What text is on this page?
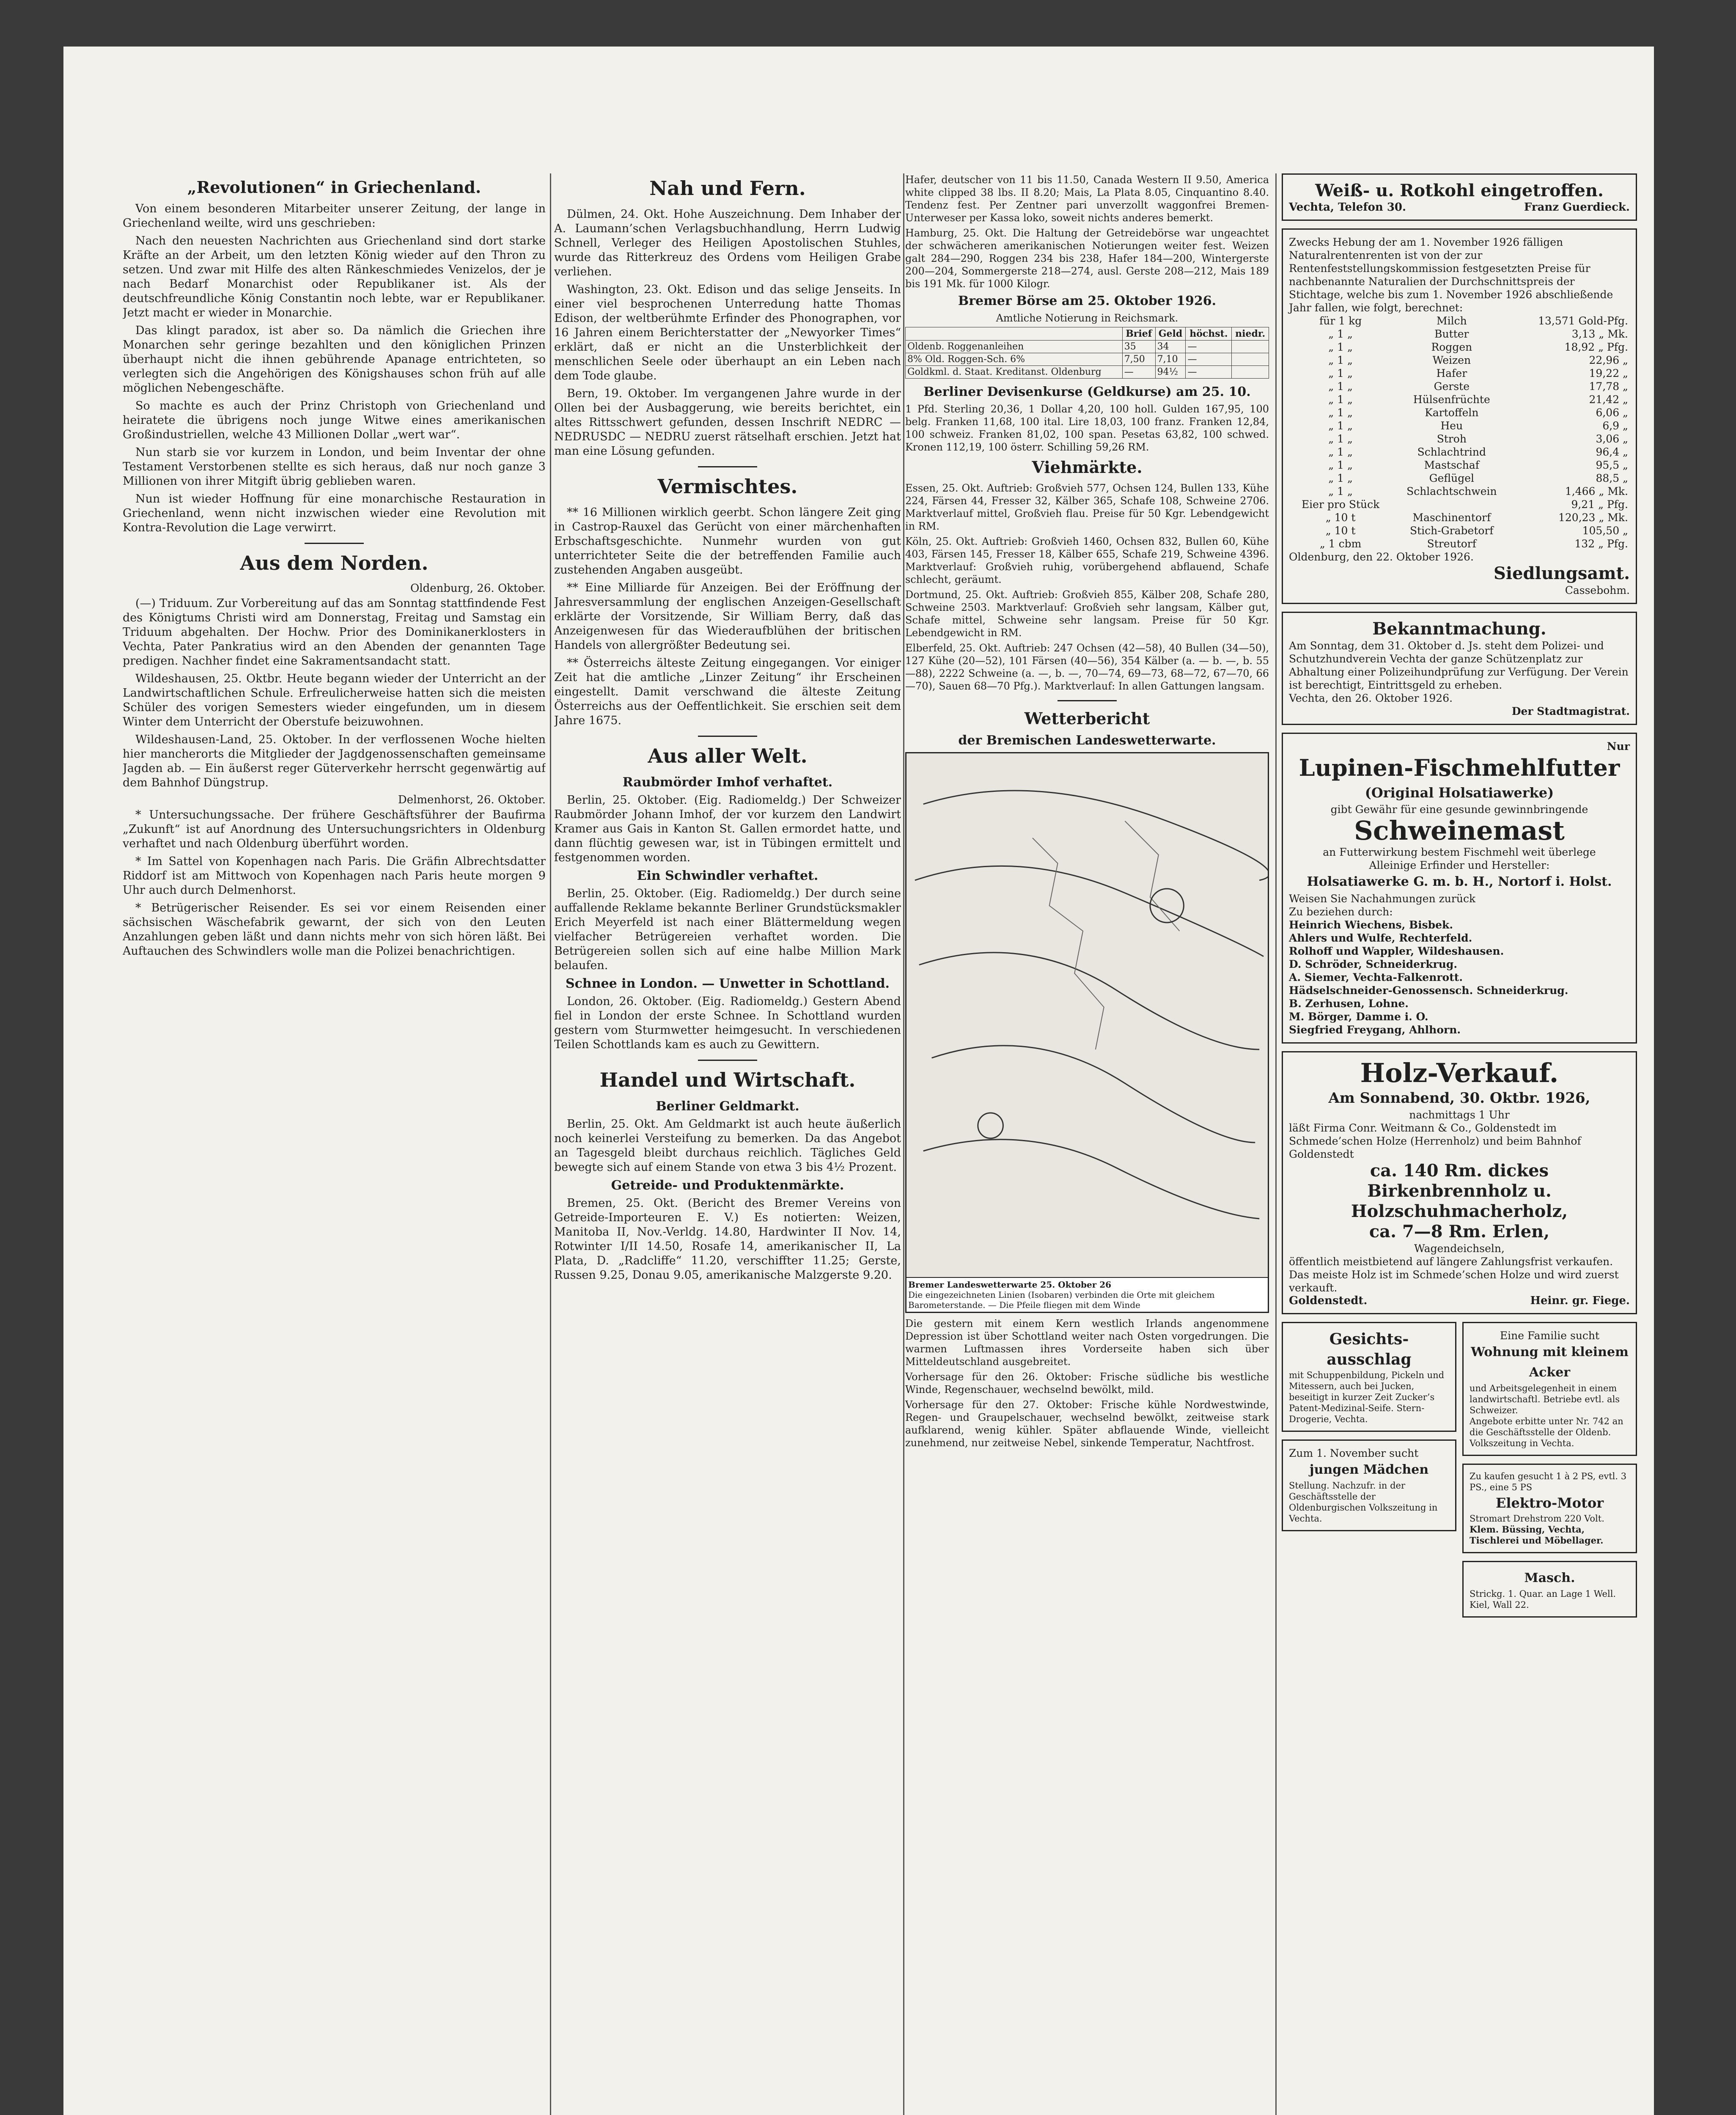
„Revolutionen“ in Griechenland.

Von einem besonderen Mitarbeiter unserer Zeitung, der lange in Griechenland weilte, wird uns geschrieben:

Nach den neuesten Nachrichten aus Griechenland sind dort starke Kräfte an der Arbeit, um den letzten König wieder auf den Thron zu setzen. Und zwar mit Hilfe des alten Ränkeschmiedes Venizelos, der je nach Bedarf Monarchist oder Republikaner ist. Als der deutschfreundliche König Constantin noch lebte, war er Republikaner. Jetzt macht er wieder in Monarchie.

Das klingt paradox, ist aber so. Da nämlich die Griechen ihre Monarchen sehr geringe bezahlten und den königlichen Prinzen überhaupt nicht die ihnen gebührende Apanage entrichteten, so verlegten sich die Angehörigen des Königshauses schon früh auf alle möglichen Nebengeschäfte.

So machte es auch der Prinz Christoph von Griechenland und heiratete die übrigens noch junge Witwe eines amerikanischen Großindustriellen, welche 43 Millionen Dollar „wert war“.

Nun starb sie vor kurzem in London, und beim Inventar der ohne Testament Verstorbenen stellte es sich heraus, daß nur noch ganze 3 Millionen von ihrer Mitgift übrig geblieben waren.

Nun ist wieder Hoffnung für eine monarchische Restauration in Griechenland, wenn nicht inzwischen wieder eine Revolution mit Kontra-Revolution die Lage verwirrt.

Aus dem Norden.
Oldenburg, 26. Oktober.

(—) Triduum. Zur Vorbereitung auf das am Sonntag stattfindende Fest des Königtums Christi wird am Donnerstag, Freitag und Samstag ein Triduum abgehalten. Der Hochw. Prior des Dominikanerklosters in Vechta, Pater Pankratius wird an den Abenden der genannten Tage predigen. Nachher findet eine Sakramentsandacht statt.

Wildeshausen, 25. Oktbr. Heute begann wieder der Unterricht an der Landwirtschaftlichen Schule. Erfreulicherweise hatten sich die meisten Schüler des vorigen Semesters wieder eingefunden, um in diesem Winter dem Unterricht der Oberstufe beizuwohnen.

Wildeshausen-Land, 25. Oktober. In der verflossenen Woche hielten hier mancherorts die Mitglieder der Jagdgenossenschaften gemeinsame Jagden ab. — Ein äußerst reger Güterverkehr herrscht gegenwärtig auf dem Bahnhof Düngstrup.

Delmenhorst, 26. Oktober.

* Untersuchungssache. Der frühere Geschäftsführer der Baufirma „Zukunft“ ist auf Anordnung des Untersuchungsrichters in Oldenburg verhaftet und nach Oldenburg überführt worden.

* Im Sattel von Kopenhagen nach Paris. Die Gräfin Albrechtsdatter Riddorf ist am Mittwoch von Kopenhagen nach Paris heute morgen 9 Uhr auch durch Delmenhorst.

* Betrügerischer Reisender. Es sei vor einem Reisenden einer sächsischen Wäschefabrik gewarnt, der sich von den Leuten Anzahlungen geben läßt und dann nichts mehr von sich hören läßt. Bei Auftauchen des Schwindlers wolle man die Polizei benachrichtigen.

Nah und Fern.

Dülmen, 24. Okt. Hohe Auszeichnung. Dem Inhaber der A. Laumann’schen Verlagsbuchhandlung, Herrn Ludwig Schnell, Verleger des Heiligen Apostolischen Stuhles, wurde das Ritterkreuz des Ordens vom Heiligen Grabe verliehen.

Washington, 23. Okt. Edison und das selige Jenseits. In einer viel besprochenen Unterredung hatte Thomas Edison, der weltberühmte Erfinder des Phonographen, vor 16 Jahren einem Berichterstatter der „Newyorker Times“ erklärt, daß er nicht an die Unsterblichkeit der menschlichen Seele oder überhaupt an ein Leben nach dem Tode glaube.

Bern, 19. Oktober. Im vergangenen Jahre wurde in der Ollen bei der Ausbaggerung, wie bereits berichtet, ein altes Rittsschwert gefunden, dessen Inschrift NEDRC — NEDRUSDC — NEDRU zuerst rätselhaft erschien. Jetzt hat man eine Lösung gefunden.

Vermischtes.

** 16 Millionen wirklich geerbt. Schon längere Zeit ging in Castrop-Rauxel das Gerücht von einer märchenhaften Erbschaftsgeschichte. Nunmehr wurden von gut unterrichteter Seite die der betreffenden Familie auch zustehenden Angaben ausgeübt.

** Eine Milliarde für Anzeigen. Bei der Eröffnung der Jahresversammlung der englischen Anzeigen-Gesellschaft erklärte der Vorsitzende, Sir William Berry, daß das Anzeigenwesen für das Wiederaufblühen der britischen Handels von allergrößter Bedeutung sei.

** Österreichs älteste Zeitung eingegangen. Vor einiger Zeit hat die amtliche „Linzer Zeitung“ ihr Erscheinen eingestellt. Damit verschwand die älteste Zeitung Österreichs aus der Oeffentlichkeit. Sie erschien seit dem Jahre 1675.

Aus aller Welt.
Raubmörder Imhof verhaftet.

Berlin, 25. Oktober. (Eig. Radiomeldg.) Der Schweizer Raubmörder Johann Imhof, der vor kurzem den Landwirt Kramer aus Gais in Kanton St. Gallen ermordet hatte, und dann flüchtig gewesen war, ist in Tübingen ermittelt und festgenommen worden.

Ein Schwindler verhaftet.

Berlin, 25. Oktober. (Eig. Radiomeldg.) Der durch seine auffallende Reklame bekannte Berliner Grundstücksmakler Erich Meyerfeld ist nach einer Blättermeldung wegen vielfacher Betrügereien verhaftet worden. Die Betrügereien sollen sich auf eine halbe Million Mark belaufen.

Schnee in London. — Unwetter in Schottland.

London, 26. Oktober. (Eig. Radiomeldg.) Gestern Abend fiel in London der erste Schnee. In Schottland wurden gestern vom Sturmwetter heimgesucht. In verschiedenen Teilen Schottlands kam es auch zu Gewittern.

Handel und Wirtschaft.
Berliner Geldmarkt.

Berlin, 25. Okt. Am Geldmarkt ist auch heute äußerlich noch keinerlei Versteifung zu bemerken. Da das Angebot an Tagesgeld bleibt durchaus reichlich. Tägliches Geld bewegte sich auf einem Stande von etwa 3 bis 4½ Prozent.

Getreide- und Produktenmärkte.

Bremen, 25. Okt. (Bericht des Bremer Vereins von Getreide-Importeuren E. V.) Es notierten: Weizen, Manitoba II, Nov.-Verldg. 14.80, Hardwinter II Nov. 14, Rotwinter I/II 14.50, Rosafe 14, amerikanischer II, La Plata, D. „Radcliffe“ 11.20, verschiffter 11.25; Gerste, Russen 9.25, Donau 9.05, amerikanische Malzgerste 9.20.

Hafer, deutscher von 11 bis 11.50, Canada Western II 9.50, America white clipped 38 lbs. II 8.20; Mais, La Plata 8.05, Cinquantino 8.40. Tendenz fest. Per Zentner pari unverzollt waggonfrei Bremen-Unterweser per Kassa loko, soweit nichts anderes bemerkt.

Hamburg, 25. Okt. Die Haltung der Getreidebörse war ungeachtet der schwächeren amerikanischen Notierungen weiter fest. Weizen galt 284—290, Roggen 234 bis 238, Hafer 184—200, Wintergerste 200—204, Sommergerste 218—274, ausl. Gerste 208—212, Mais 189 bis 191 Mk. für 1000 Kilogr.

Bremer Börse am 25. Oktober 1926.
Amtliche Notierung in Reichsmark.
	Brief	Geld	höchst.	niedr.
Oldenb. Roggenanleihen	35	34	—	
8% Old. Roggen-Sch. 6%	7,50	7,10	—	
Goldkml. d. Staat. Kreditanst. Oldenburg	—	94½	—	
Berliner Devisenkurse (Geldkurse) am 25. 10.

1 Pfd. Sterling 20,36, 1 Dollar 4,20, 100 holl. Gulden 167,95, 100 belg. Franken 11,68, 100 ital. Lire 18,03, 100 franz. Franken 12,84, 100 schweiz. Franken 81,02, 100 span. Pesetas 63,82, 100 schwed. Kronen 112,19, 100 österr. Schilling 59,26 RM.

Viehmärkte.

Essen, 25. Okt. Auftrieb: Großvieh 577, Ochsen 124, Bullen 133, Kühe 224, Färsen 44, Fresser 32, Kälber 365, Schafe 108, Schweine 2706. Marktverlauf mittel, Großvieh flau. Preise für 50 Kgr. Lebendgewicht in RM.

Köln, 25. Okt. Auftrieb: Großvieh 1460, Ochsen 832, Bullen 60, Kühe 403, Färsen 145, Fresser 18, Kälber 655, Schafe 219, Schweine 4396. Marktverlauf: Großvieh ruhig, vorübergehend abflauend, Schafe schlecht, geräumt.

Dortmund, 25. Okt. Auftrieb: Großvieh 855, Kälber 208, Schafe 280, Schweine 2503. Marktverlauf: Großvieh sehr langsam, Kälber gut, Schafe mittel, Schweine sehr langsam. Preise für 50 Kgr. Lebendgewicht in RM.

Elberfeld, 25. Okt. Auftrieb: 247 Ochsen (42—58), 40 Bullen (34—50), 127 Kühe (20—52), 101 Färsen (40—56), 354 Kälber (a. — b. —, b. 55—88), 2222 Schweine (a. —, b. —, 70—74, 69—73, 68—72, 67—70, 66—70), Sauen 68—70 Pfg.). Marktverlauf: In allen Gattungen langsam.

Wetterbericht
der Bremischen Landeswetterwarte.
Bremer Landeswetterwarte 25. Oktober 26
Die eingezeichneten Linien (Isobaren) verbinden die Orte mit gleichem Barometerstande. — Die Pfeile fliegen mit dem Winde

Die gestern mit einem Kern westlich Irlands angenommene Depression ist über Schottland weiter nach Osten vorgedrungen. Die warmen Luftmassen ihres Vorderseite haben sich über Mitteldeutschland ausgebreitet.

Vorhersage für den 26. Oktober: Frische südliche bis westliche Winde, Regenschauer, wechselnd bewölkt, mild.

Vorhersage für den 27. Oktober: Frische kühle Nordwestwinde, Regen- und Graupelschauer, wechselnd bewölkt, zeitweise stark aufklarend, wenig kühler. Später abflauende Winde, vielleicht zunehmend, nur zeitweise Nebel, sinkende Temperatur, Nachtfrost.

Weiß- u. Rotkohl eingetroffen.
Vechta, Telefon 30.	Franz Guerdieck.
Zwecks Hebung der am 1. November 1926 fälligen Naturalrentenrenten ist von der zur Rentenfeststellungskommission festgesetzten Preise für nachbenannte Naturalien der Durchschnittspreis der Stichtage, welche bis zum 1. November 1926 abschließende Jahr fallen, wie folgt, berechnet:
für 1 kg	Milch	13,571 Gold-Pfg.
„ 1 „	Butter	3,13 „ Mk.
„ 1 „	Roggen	18,92 „ Pfg.
„ 1 „	Weizen	22,96 „
„ 1 „	Hafer	19,22 „
„ 1 „	Gerste	17,78 „
„ 1 „	Hülsenfrüchte	21,42 „
„ 1 „	Kartoffeln	6,06 „
„ 1 „	Heu	6,9 „
„ 1 „	Stroh	3,06 „
„ 1 „	Schlachtrind	96,4 „
„ 1 „	Mastschaf	95,5 „
„ 1 „	Geflügel	88,5 „
„ 1 „	Schlachtschwein	1,466 „ Mk.
Eier pro Stück		9,21 „ Pfg.
„ 10 t	Maschinentorf	120,23 „ Mk.
„ 10 t	Stich-Grabetorf	105,50 „
„ 1 cbm	Streutorf	132 „ Pfg.
Oldenburg, den 22. Oktober 1926.
Siedlungsamt.
Cassebohm.
Bekanntmachung.
Am Sonntag, dem 31. Oktober d. Js. steht dem Polizei- und Schutzhundverein Vechta der ganze Schützenplatz zur Abhaltung einer Polizeihundprüfung zur Verfügung. Der Verein ist berechtigt, Eintrittsgeld zu erheben.
Vechta, den 26. Oktober 1926.
Der Stadtmagistrat.
Nur
Lupinen-Fischmehlfutter
(Original Holsatiawerke)
gibt Gewähr für eine gesunde gewinnbringende
Schweinemast
an Futterwirkung bestem Fischmehl weit überlege
Alleinige Erfinder und Hersteller:
Holsatiawerke G. m. b. H., Nortorf i. Holst.
Weisen Sie Nachahmungen zurück
Zu beziehen durch:
Heinrich Wiechens, Bisbek.
Ahlers und Wulfe, Rechterfeld.
Rolhoff und Wappler, Wildeshausen.
D. Schröder, Schneiderkrug.
A. Siemer, Vechta-Falkenrott.
Hädselschneider-Genossensch. Schneiderkrug.
B. Zerhusen, Lohne.
M. Börger, Damme i. O.
Siegfried Freygang, Ahlhorn.
Holz-Verkauf.
Am Sonnabend, 30. Oktbr. 1926,
nachmittags 1 Uhr
läßt Firma Conr. Weitmann & Co., Goldenstedt im Schmede’schen Holze (Herrenholz) und beim Bahnhof Goldenstedt
ca. 140 Rm. dickes Birkenbrennholz u. Holzschuhmacherholz,
ca. 7—8 Rm. Erlen,
Wagendeichseln,
öffentlich meistbietend auf längere Zahlungsfrist verkaufen. Das meiste Holz ist im Schmede’schen Holze und wird zuerst verkauft.
Goldenstedt.	Heinr. gr. Fiege.
Gesichts-ausschlag
mit Schuppenbildung, Pickeln und Mitessern, auch bei Jucken, beseitigt in kurzer Zeit Zucker’s Patent-Medizinal-Seife. Stern-Drogerie, Vechta.
Zum 1. November sucht
jungen Mädchen
Stellung. Nachzufr. in der Geschäftsstelle der Oldenburgischen Volkszeitung in Vechta.
Eine Familie sucht
Wohnung mit kleinem Acker
und Arbeitsgelegenheit in einem landwirtschaftl. Betriebe evtl. als Schweizer.
Angebote erbitte unter Nr. 742 an die Geschäftsstelle der Oldenb. Volkszeitung in Vechta.
Zu kaufen gesucht 1 à 2 PS, evtl. 3 PS., eine 5 PS
Elektro-Motor
Stromart Drehstrom 220 Volt.
Klem. Büssing, Vechta, Tischlerei und Möbellager.
Masch.
Strickg. 1. Quar. an Lage 1 Well. Kiel, Wall 22.
